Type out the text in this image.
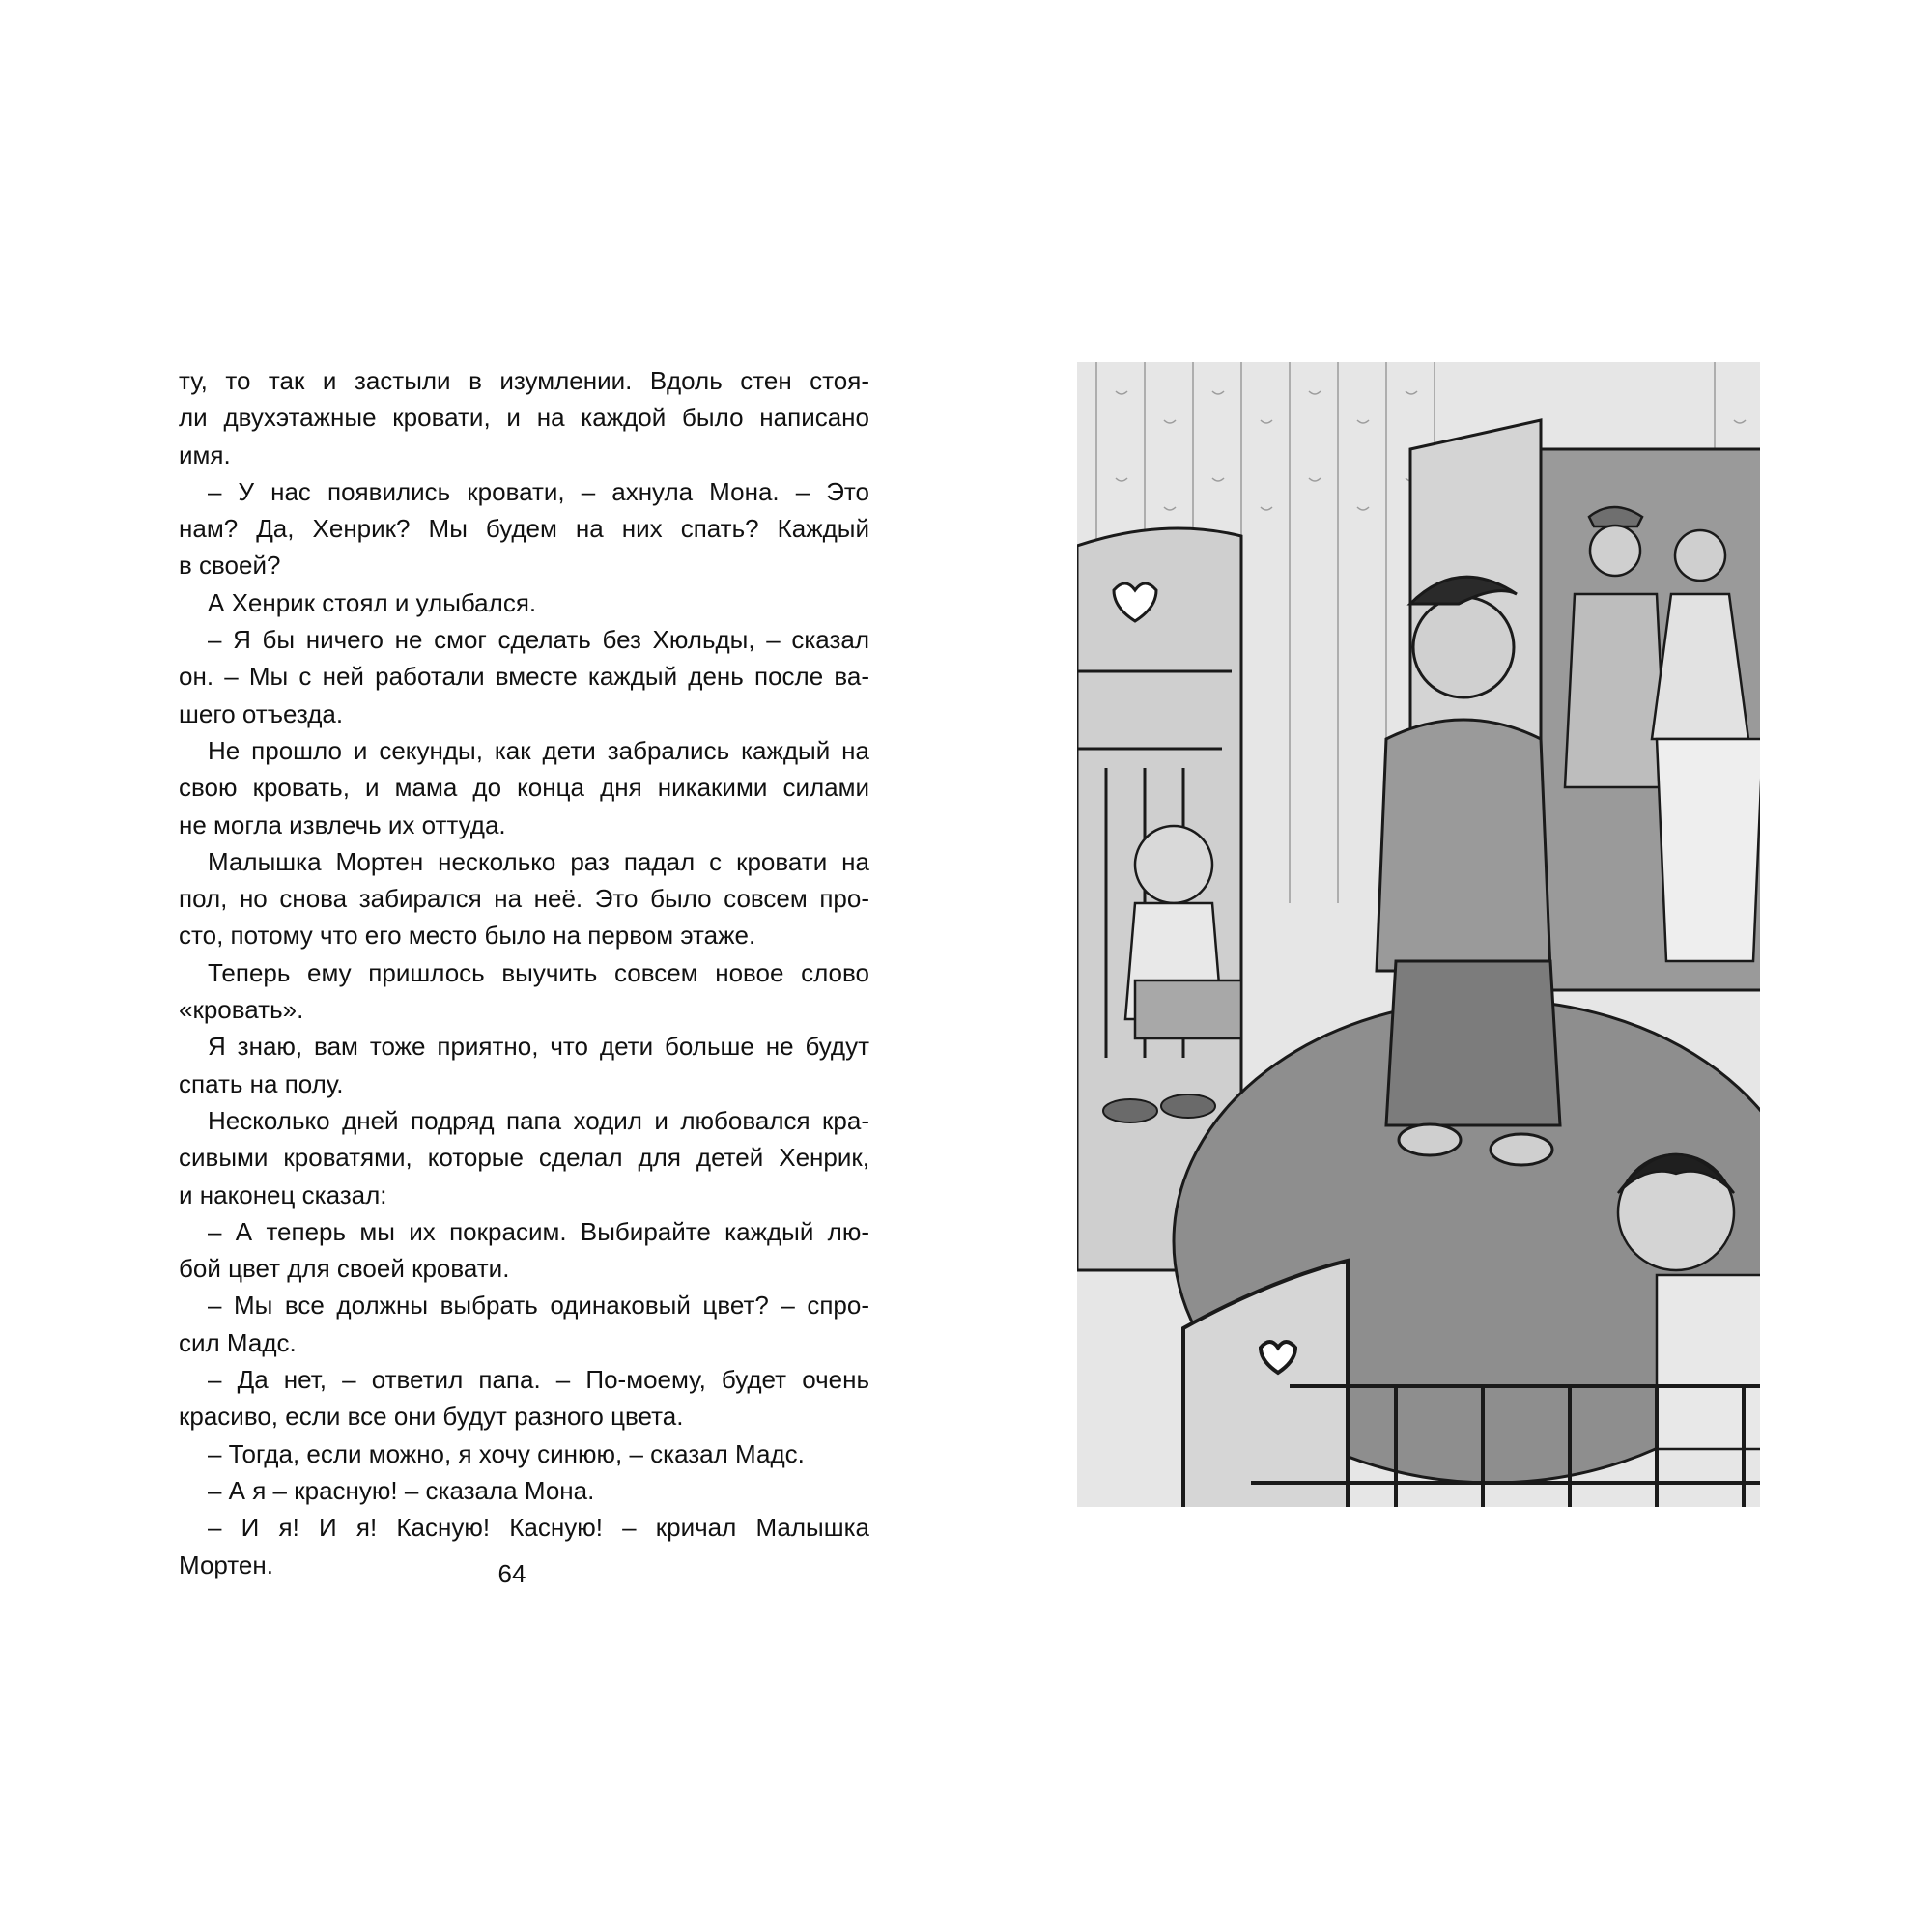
ту, то так и застыли в изумлении. Вдоль стен стоя-
ли двухэтажные кровати, и на каждой было написано
имя.
– У нас появились кровати, – ахнула Мона. – Это
нам? Да, Хенрик? Мы будем на них спать? Каждый
в своей?
А Хенрик стоял и улыбался.
– Я бы ничего не смог сделать без Хюльды, – сказал
он. – Мы с ней работали вместе каждый день после ва-
шего отъезда.
Не прошло и секунды, как дети забрались каждый на
свою кровать, и мама до конца дня никакими силами
не могла извлечь их оттуда.
Малышка Мортен несколько раз падал с кровати на
пол, но снова забирался на неё. Это было совсем про-
сто, потому что его место было на первом этаже.
Теперь ему пришлось выучить совсем новое слово
«кровать».
Я знаю, вам тоже приятно, что дети больше не будут
спать на полу.
Несколько дней подряд папа ходил и любовался кра-
сивыми кроватями, которые сделал для детей Хенрик,
и наконец сказал:
– А теперь мы их покрасим. Выбирайте каждый лю-
бой цвет для своей кровати.
– Мы все должны выбрать одинаковый цвет? – спро-
сил Мадс.
– Да нет, – ответил папа. – По-моему, будет очень
красиво, если все они будут разного цвета.
– Тогда, если можно, я хочу синюю, – сказал Мадс.
– А я – красную! – сказала Мона.
– И я! И я! Касную! Касную! – кричал Малышка
Мортен.	64
